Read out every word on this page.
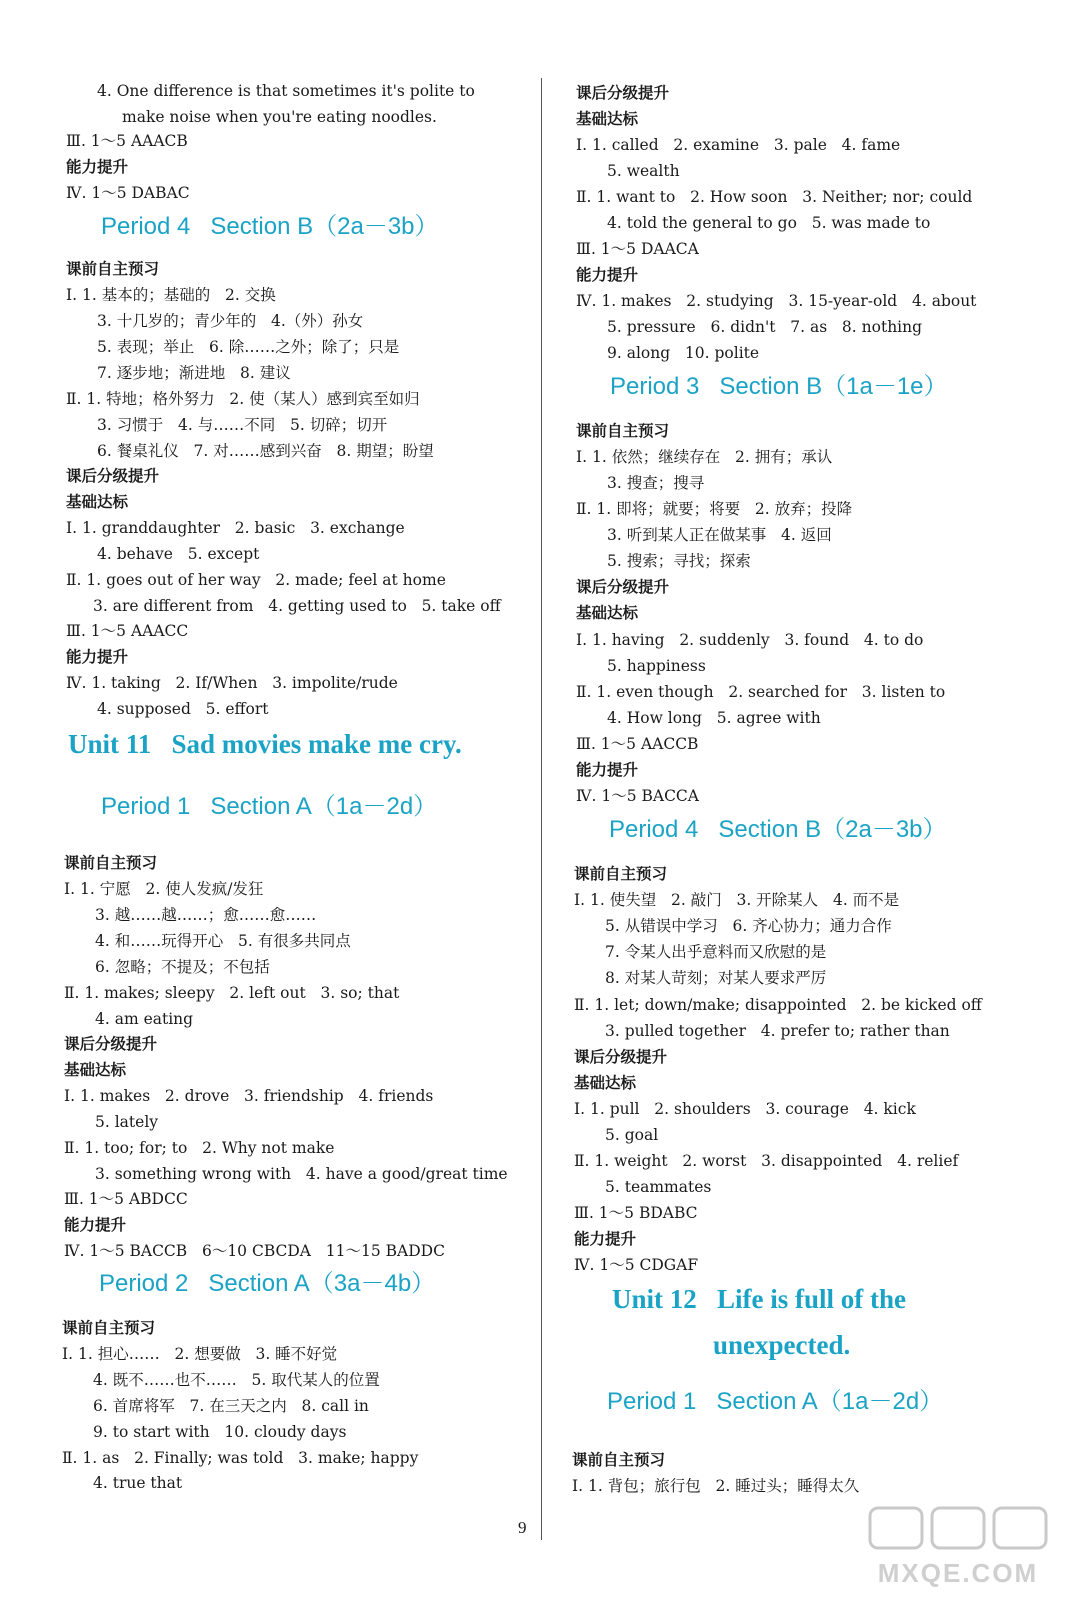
4. One difference is that sometimes it's polite to
make noise when you're eating noodles.
Ⅲ. 1～5 AAACB
能力提升
Ⅳ. 1～5 DABAC
Period 4   Section B（2a－3b）
课前自主预习
Ⅰ. 1. 基本的；基础的   2. 交换
3. 十几岁的；青少年的   4.（外）孙女
5. 表现；举止   6. 除……之外；除了；只是
7. 逐步地；渐进地   8. 建议
Ⅱ. 1. 特地；格外努力   2. 使（某人）感到宾至如归
3. 习惯于   4. 与……不同   5. 切碎；切开
6. 餐桌礼仪   7. 对……感到兴奋   8. 期望；盼望
课后分级提升
基础达标
Ⅰ. 1. granddaughter   2. basic   3. exchange
4. behave   5. except
Ⅱ. 1. goes out of her way   2. made; feel at home
3. are different from   4. getting used to   5. take off
Ⅲ. 1～5 AAACC
能力提升
Ⅳ. 1. taking   2. If/When   3. impolite/rude
4. supposed   5. effort
Unit 11   Sad movies make me cry.
Period 1   Section A（1a－2d）
课前自主预习
Ⅰ. 1. 宁愿   2. 使人发疯/发狂
3. 越……越……；愈……愈……
4. 和……玩得开心   5. 有很多共同点
6. 忽略；不提及；不包括
Ⅱ. 1. makes; sleepy   2. left out   3. so; that
4. am eating
课后分级提升
基础达标
Ⅰ. 1. makes   2. drove   3. friendship   4. friends
5. lately
Ⅱ. 1. too; for; to   2. Why not make
3. something wrong with   4. have a good/great time
Ⅲ. 1～5 ABDCC
能力提升
Ⅳ. 1～5 BACCB   6～10 CBCDA   11～15 BADDC
Period 2   Section A（3a－4b）
课前自主预习
Ⅰ. 1. 担心……   2. 想要做   3. 睡不好觉
4. 既不……也不……   5. 取代某人的位置
6. 首席将军   7. 在三天之内   8. call in
9. to start with   10. cloudy days
Ⅱ. 1. as   2. Finally; was told   3. make; happy
4. true that
课后分级提升
基础达标
Ⅰ. 1. called   2. examine   3. pale   4. fame
5. wealth
Ⅱ. 1. want to   2. How soon   3. Neither; nor; could
4. told the general to go   5. was made to
Ⅲ. 1～5 DAACA
能力提升
Ⅳ. 1. makes   2. studying   3. 15-year-old   4. about
5. pressure   6. didn't   7. as   8. nothing
9. along   10. polite
Period 3   Section B（1a－1e）
课前自主预习
Ⅰ. 1. 依然；继续存在   2. 拥有；承认
3. 搜查；搜寻
Ⅱ. 1. 即将；就要；将要   2. 放弃；投降
3. 听到某人正在做某事   4. 返回
5. 搜索；寻找；探索
课后分级提升
基础达标
Ⅰ. 1. having   2. suddenly   3. found   4. to do
5. happiness
Ⅱ. 1. even though   2. searched for   3. listen to
4. How long   5. agree with
Ⅲ. 1～5 AACCB
能力提升
Ⅳ. 1～5 BACCA
Period 4   Section B（2a－3b）
课前自主预习
Ⅰ. 1. 使失望   2. 敲门   3. 开除某人   4. 而不是
5. 从错误中学习   6. 齐心协力；通力合作
7. 令某人出乎意料而又欣慰的是
8. 对某人苛刻；对某人要求严厉
Ⅱ. 1. let; down/make; disappointed   2. be kicked off
3. pulled together   4. prefer to; rather than
课后分级提升
基础达标
Ⅰ. 1. pull   2. shoulders   3. courage   4. kick
5. goal
Ⅱ. 1. weight   2. worst   3. disappointed   4. relief
5. teammates
Ⅲ. 1～5 BDABC
能力提升
Ⅳ. 1～5 CDGAF
Unit 12   Life is full of the
unexpected.
Period 1   Section A（1a－2d）
课前自主预习
Ⅰ. 1. 背包；旅行包   2. 睡过头；睡得太久
9
MXQE.COM
